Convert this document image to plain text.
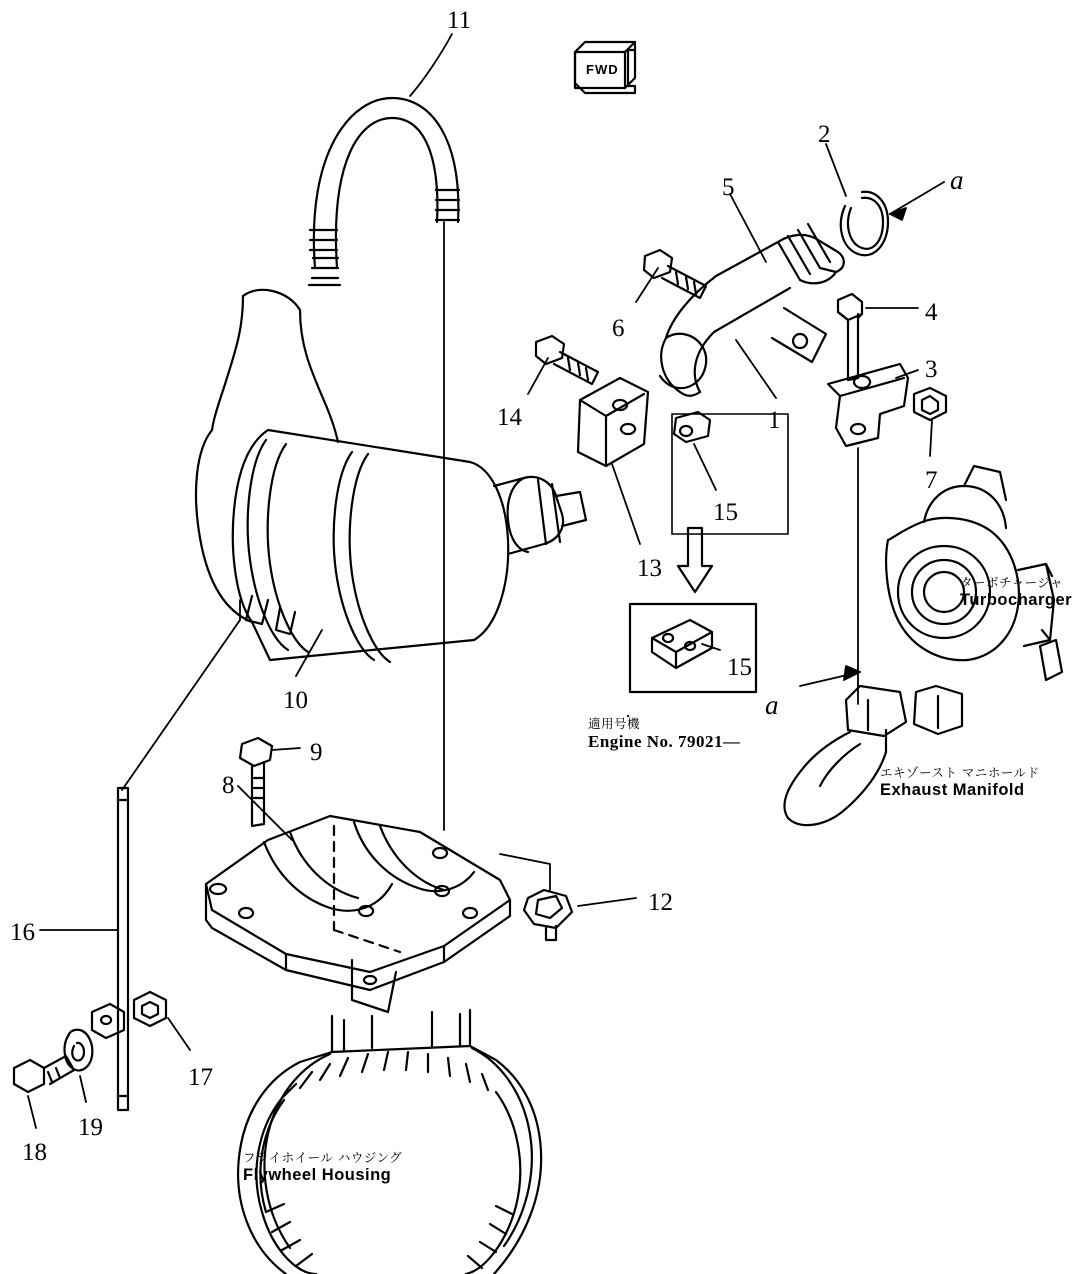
11
2
5
6
4
3
1
7
14
13
15
15
10
9
8
12
16
17
19
18
a
a
FWD
適用号機
Engine No. 79021—
ターボチャージャ
Turbocharger
エキゾースト マニホールド
Exhaust Manifold
フライホイール ハウジング
Flywheel Housing
